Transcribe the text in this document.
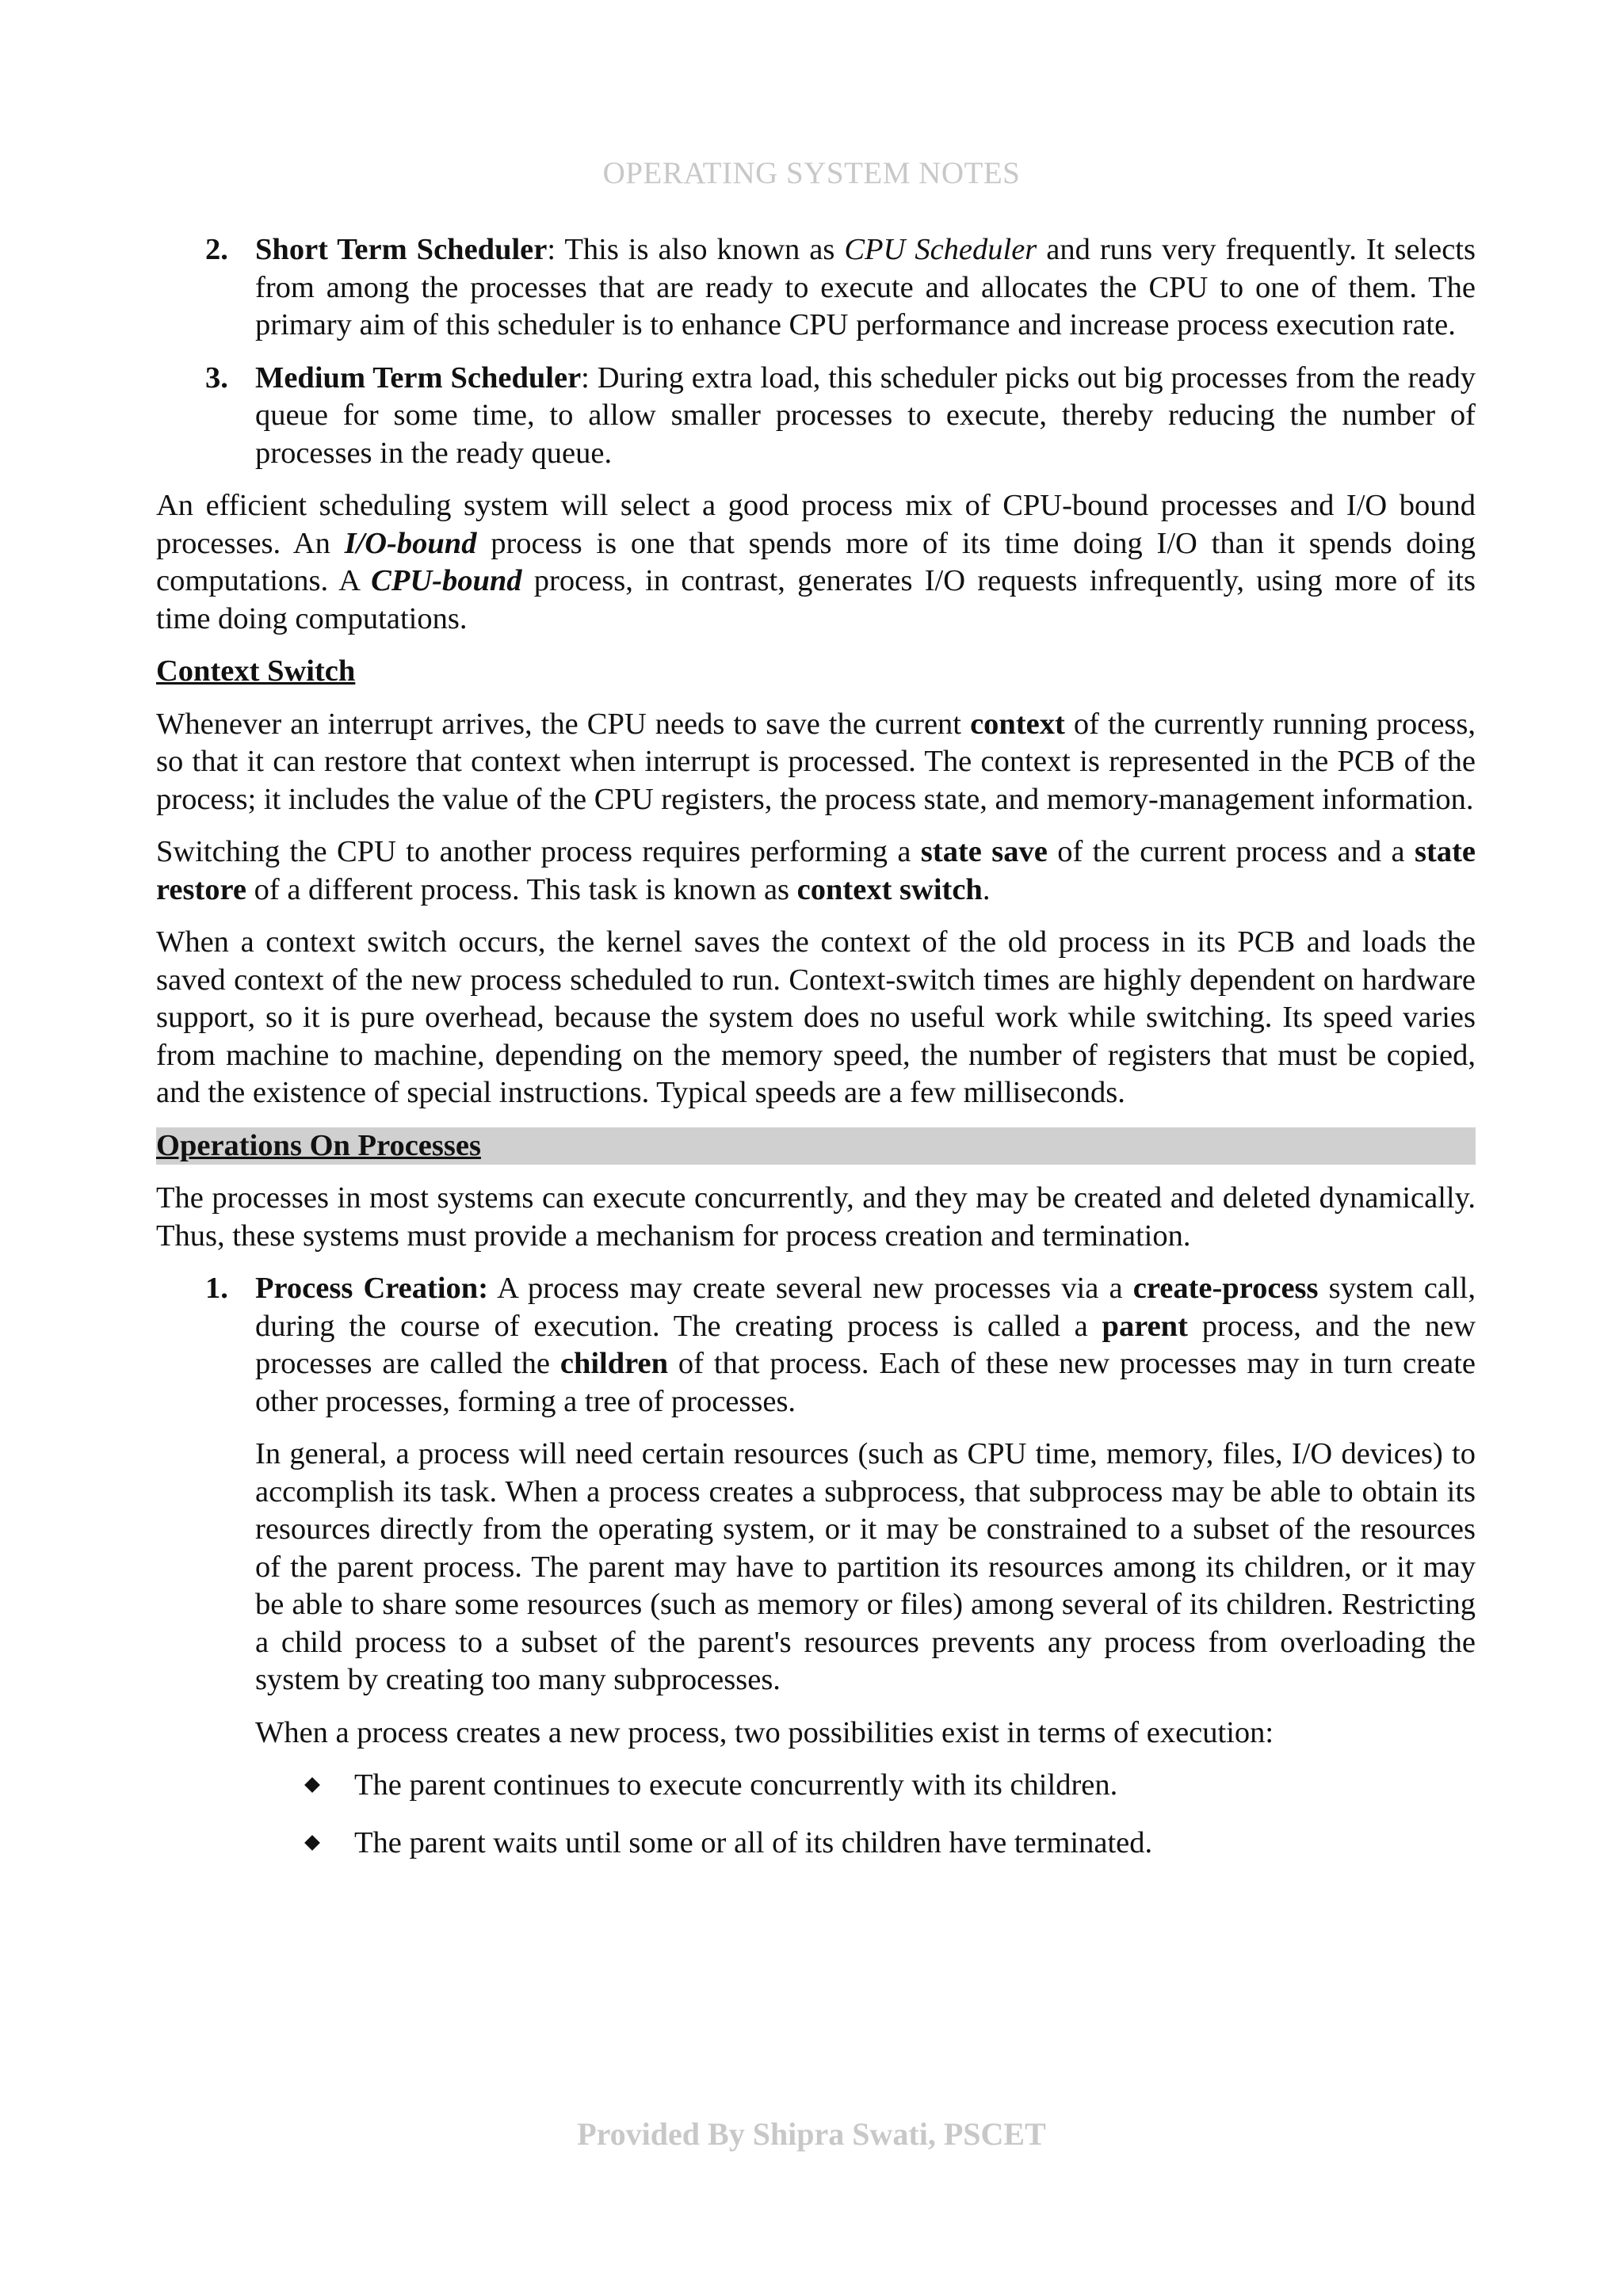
OPERATING SYSTEM NOTES
2. Short Term Scheduler: This is also known as CPU Scheduler and runs very frequently. It selects from among the processes that are ready to execute and allocates the CPU to one of them. The primary aim of this scheduler is to enhance CPU performance and increase process execution rate.

3. Medium Term Scheduler: During extra load, this scheduler picks out big processes from the ready queue for some time, to allow smaller processes to execute, thereby reducing the number of processes in the ready queue.

An efficient scheduling system will select a good process mix of CPU-bound processes and I/O bound processes. An I/O-bound process is one that spends more of its time doing I/O than it spends doing computations. A CPU-bound process, in contrast, generates I/O requests infrequently, using more of its time doing computations.

Context Switch

Whenever an interrupt arrives, the CPU needs to save the current context of the currently running process, so that it can restore that context when interrupt is processed. The context is represented in the PCB of the process; it includes the value of the CPU registers, the process state, and memory-management information.

Switching the CPU to another process requires performing a state save of the current process and a state restore of a different process. This task is known as context switch.

When a context switch occurs, the kernel saves the context of the old process in its PCB and loads the saved context of the new process scheduled to run. Context-switch times are highly dependent on hardware support, so it is pure overhead, because the system does no useful work while switching. Its speed varies from machine to machine, depending on the memory speed, the number of registers that must be copied, and the existence of special instructions. Typical speeds are a few milliseconds.

Operations On Processes

The processes in most systems can execute concurrently, and they may be created and deleted dynamically. Thus, these systems must provide a mechanism for process creation and termination.

1. Process Creation: A process may create several new processes via a create-process system call, during the course of execution. The creating process is called a parent process, and the new processes are called the children of that process. Each of these new processes may in turn create other processes, forming a tree of processes.

In general, a process will need certain resources (such as CPU time, memory, files, I/O devices) to accomplish its task. When a process creates a subprocess, that subprocess may be able to obtain its resources directly from the operating system, or it may be constrained to a subset of the resources of the parent process. The parent may have to partition its resources among its children, or it may be able to share some resources (such as memory or files) among several of its children. Restricting a child process to a subset of the parent's resources prevents any process from overloading the system by creating too many subprocesses.

When a process creates a new process, two possibilities exist in terms of execution:

The parent continues to execute concurrently with its children.
The parent waits until some or all of its children have terminated.
Provided By Shipra Swati, PSCET
